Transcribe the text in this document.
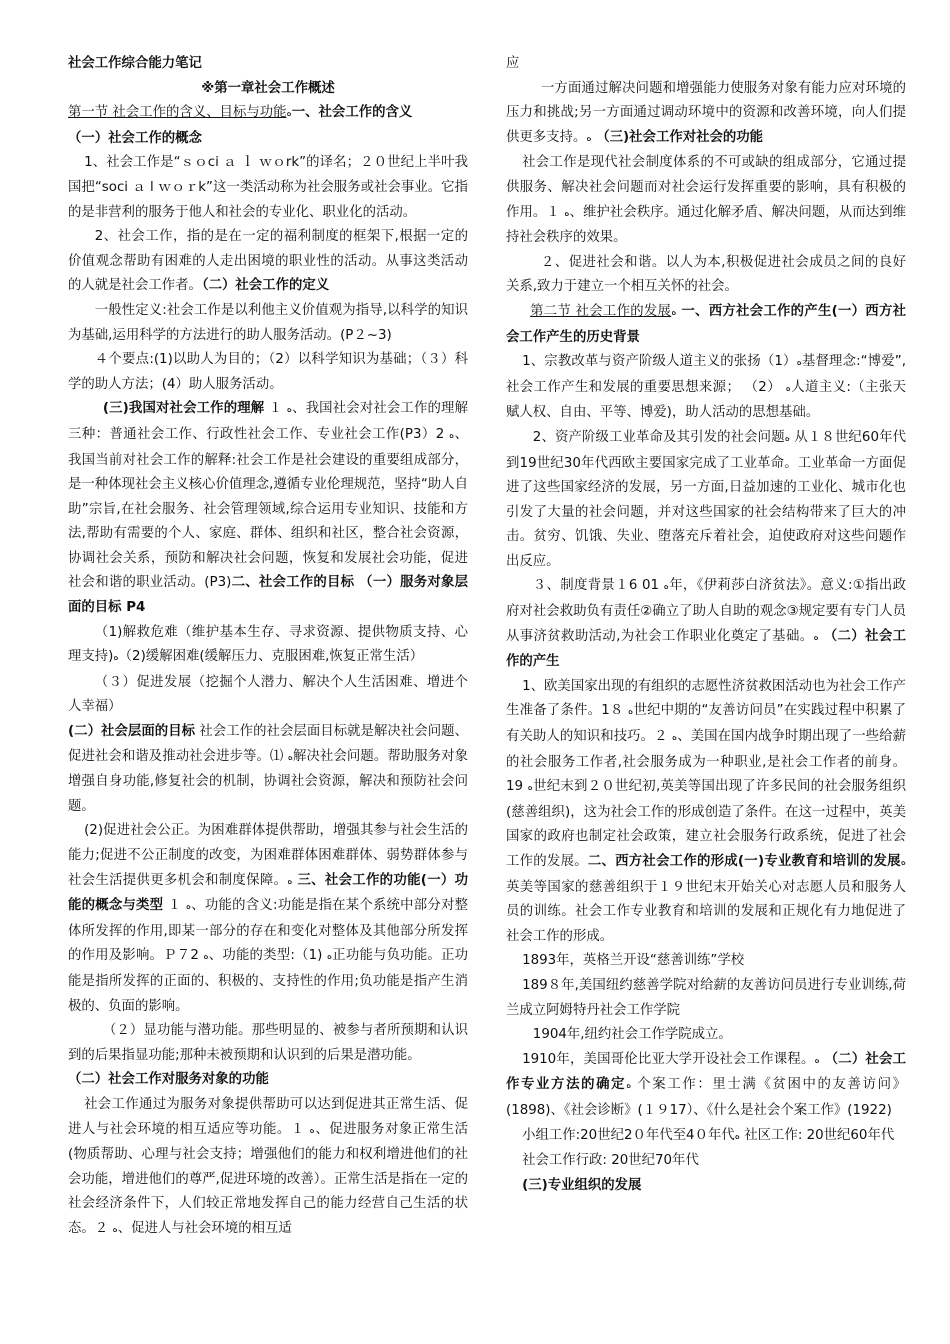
社会工作综合能力笔记

※第一章社会工作概述

第一节 社会工作的含义、目标与功能ه一、社会工作的含义

（一）社会工作的概念

1、社会工作是“ｓｏci ａ ｌ ｗｏrk”的译名；２０世纪上半叶我国把“soci ａ l ｗｏｒk”这一类活动称为社会服务或社会事业。它指的是非营利的服务于他人和社会的专业化、职业化的活动。

2、社会工作，指的是在一定的福利制度的框架下,根据一定的价值观念帮助有困难的人走出困境的职业性的活动。从事这类活动的人就是社会工作者。（二）社会工作的定义

一般性定义:社会工作是以利他主义价值观为指导,以科学的知识为基础,运用科学的方法进行的助人服务活动。(P２~3)

４个要点:(1)以助人为目的；（2）以科学知识为基础；（３）科学的助人方法；(4）助人服务活动。

(三)我国对社会工作的理解 １ ه、我国社会对社会工作的理解三种：普通社会工作、行政性社会工作、专业社会工作(P3）2 ه、我国当前对社会工作的解释:社会工作是社会建设的重要组成部分，是一种体现社会主义核心价值理念,遵循专业伦理规范，坚持“助人自助”宗旨,在社会服务、社会管理领域,综合运用专业知识、技能和方法,帮助有需要的个人、家庭、群体、组织和社区，整合社会资源，协调社会关系，预防和解决社会问题，恢复和发展社会功能，促进社会和谐的职业活动。(P3)二、社会工作的目标 （一）服务对象层面的目标 P4

（1)解救危难（维护基本生存、寻求资源、提供物质支持、心理支持)ه（2)缓解困难(缓解压力、克服困难,恢复正常生活）

（３）促进发展（挖掘个人潜力、解决个人生活困难、增进个人幸福）

(二）社会层面的目标 社会工作的社会层面目标就是解决社会问题、促进社会和谐及推动社会进步等。⑴ ه解决社会问题。帮助服务对象增强自身功能,修复社会的机制，协调社会资源，解决和预防社会问题。

(2)促进社会公正。为困难群体提供帮助，增强其参与社会生活的能力;促进不公正制度的改变，为困难群体困难群体、弱势群体参与社会生活提供更多机会和制度保障。ه 三、社会工作的功能(一）功能的概念与类型 １ ه、功能的含义:功能是指在某个系统中部分对整体所发挥的作用,即某一部分的存在和变化对整体及其他部分所发挥的作用及影响。Ｐ７2 ه、功能的类型:（1) ه正功能与负功能。正功能是指所发挥的正面的、积极的、支持性的作用;负功能是指产生消极的、负面的影响。

（２）显功能与潜功能。那些明显的、被参与者所预期和认识到的后果指显功能;那种未被预期和认识到的后果是潜功能。

（二）社会工作对服务对象的功能

社会工作通过为服务对象提供帮助可以达到促进其正常生活、促进人与社会环境的相互适应等功能。１ ه、促进服务对象正常生活(物质帮助、心理与社会支持；增强他们的能力和权利增进他们的社会功能，增进他们的尊严,促进环境的改善）。正常生活是指在一定的社会经济条件下，人们较正常地发挥自己的能力经营自己生活的状态。２ ه、促进人与社会环境的相互适

应

一方面通过解决问题和增强能力使服务对象有能力应对环境的压力和挑战;另一方面通过调动环境中的资源和改善环境，向人们提供更多支持。ه （三)社会工作对社会的功能

社会工作是现代社会制度体系的不可或缺的组成部分，它通过提供服务、解决社会问题而对社会运行发挥重要的影响，具有积极的作用。１ ه、维护社会秩序。通过化解矛盾、解决问题，从而达到维持社会秩序的效果。

２、促进社会和谐。以人为本,积极促进社会成员之间的良好关系,致力于建立一个相互关怀的社会。

第二节 社会工作的发展ه 一、西方社会工作的产生(一）西方社会工作产生的历史背景

1、宗教改革与资产阶级人道主义的张扬（1）ه基督理念:“博爱”,社会工作产生和发展的重要思想来源； （2） ه人道主义:（主张天赋人权、自由、平等、博爱)，助人活动的思想基础。

2、资产阶级工业革命及其引发的社会问题ه 从１８世纪60年代到19世纪30年代西欧主要国家完成了工业革命。工业革命一方面促进了这些国家经济的发展，另一方面,日益加速的工业化、城市化也引发了大量的社会问题，并对这些国家的社会结构带来了巨大的冲击。贫穷、饥饿、失业、堕落充斥着社会，迫使政府对这些问题作出反应。

３、制度背景１6 01 ه年，《伊莉莎白济贫法》。意义:①指出政府对社会救助负有责任②确立了助人自助的观念③规定要有专门人员从事济贫救助活动,为社会工作职业化奠定了基础。ه （二）社会工作的产生

1、欧美国家出现的有组织的志愿性济贫救困活动也为社会工作产生准备了条件。1８ ه世纪中期的“友善访问员”在实践过程中积累了有关助人的知识和技巧。２ ه、美国在国内战争时期出现了一些给薪的社会服务工作者,社会服务成为一种职业,是社会工作者的前身。19 ه世纪末到２０世纪初,英美等国出现了许多民间的社会服务组织(慈善组织)，这为社会工作的形成创造了条件。在这一过程中，英美国家的政府也制定社会政策，建立社会服务行政系统，促进了社会工作的发展。二、西方社会工作的形成(一)专业教育和培训的发展ه 英美等国家的慈善组织于１９世纪末开始关心对志愿人员和服务人员的训练。社会工作专业教育和培训的发展和正规化有力地促进了社会工作的形成。

1893年，英格兰开设“慈善训练”学校

189８年,美国纽约慈善学院对给薪的友善访问员进行专业训练,荷兰成立阿姆特丹社会工作学院

1904年,纽约社会工作学院成立。

1910年，美国哥伦比亚大学开设社会工作课程。ه （二）社会工作专业方法的确定ه 个案工作：里士满《贫困中的友善访问》(1898)、《社会诊断》(１９17）、《什么是社会个案工作》(1922)

小组工作:20世纪2０年代至4０年代ه 社区工作: 20世纪60年代

社会工作行政: 20世纪70年代

(三)专业组织的发展
